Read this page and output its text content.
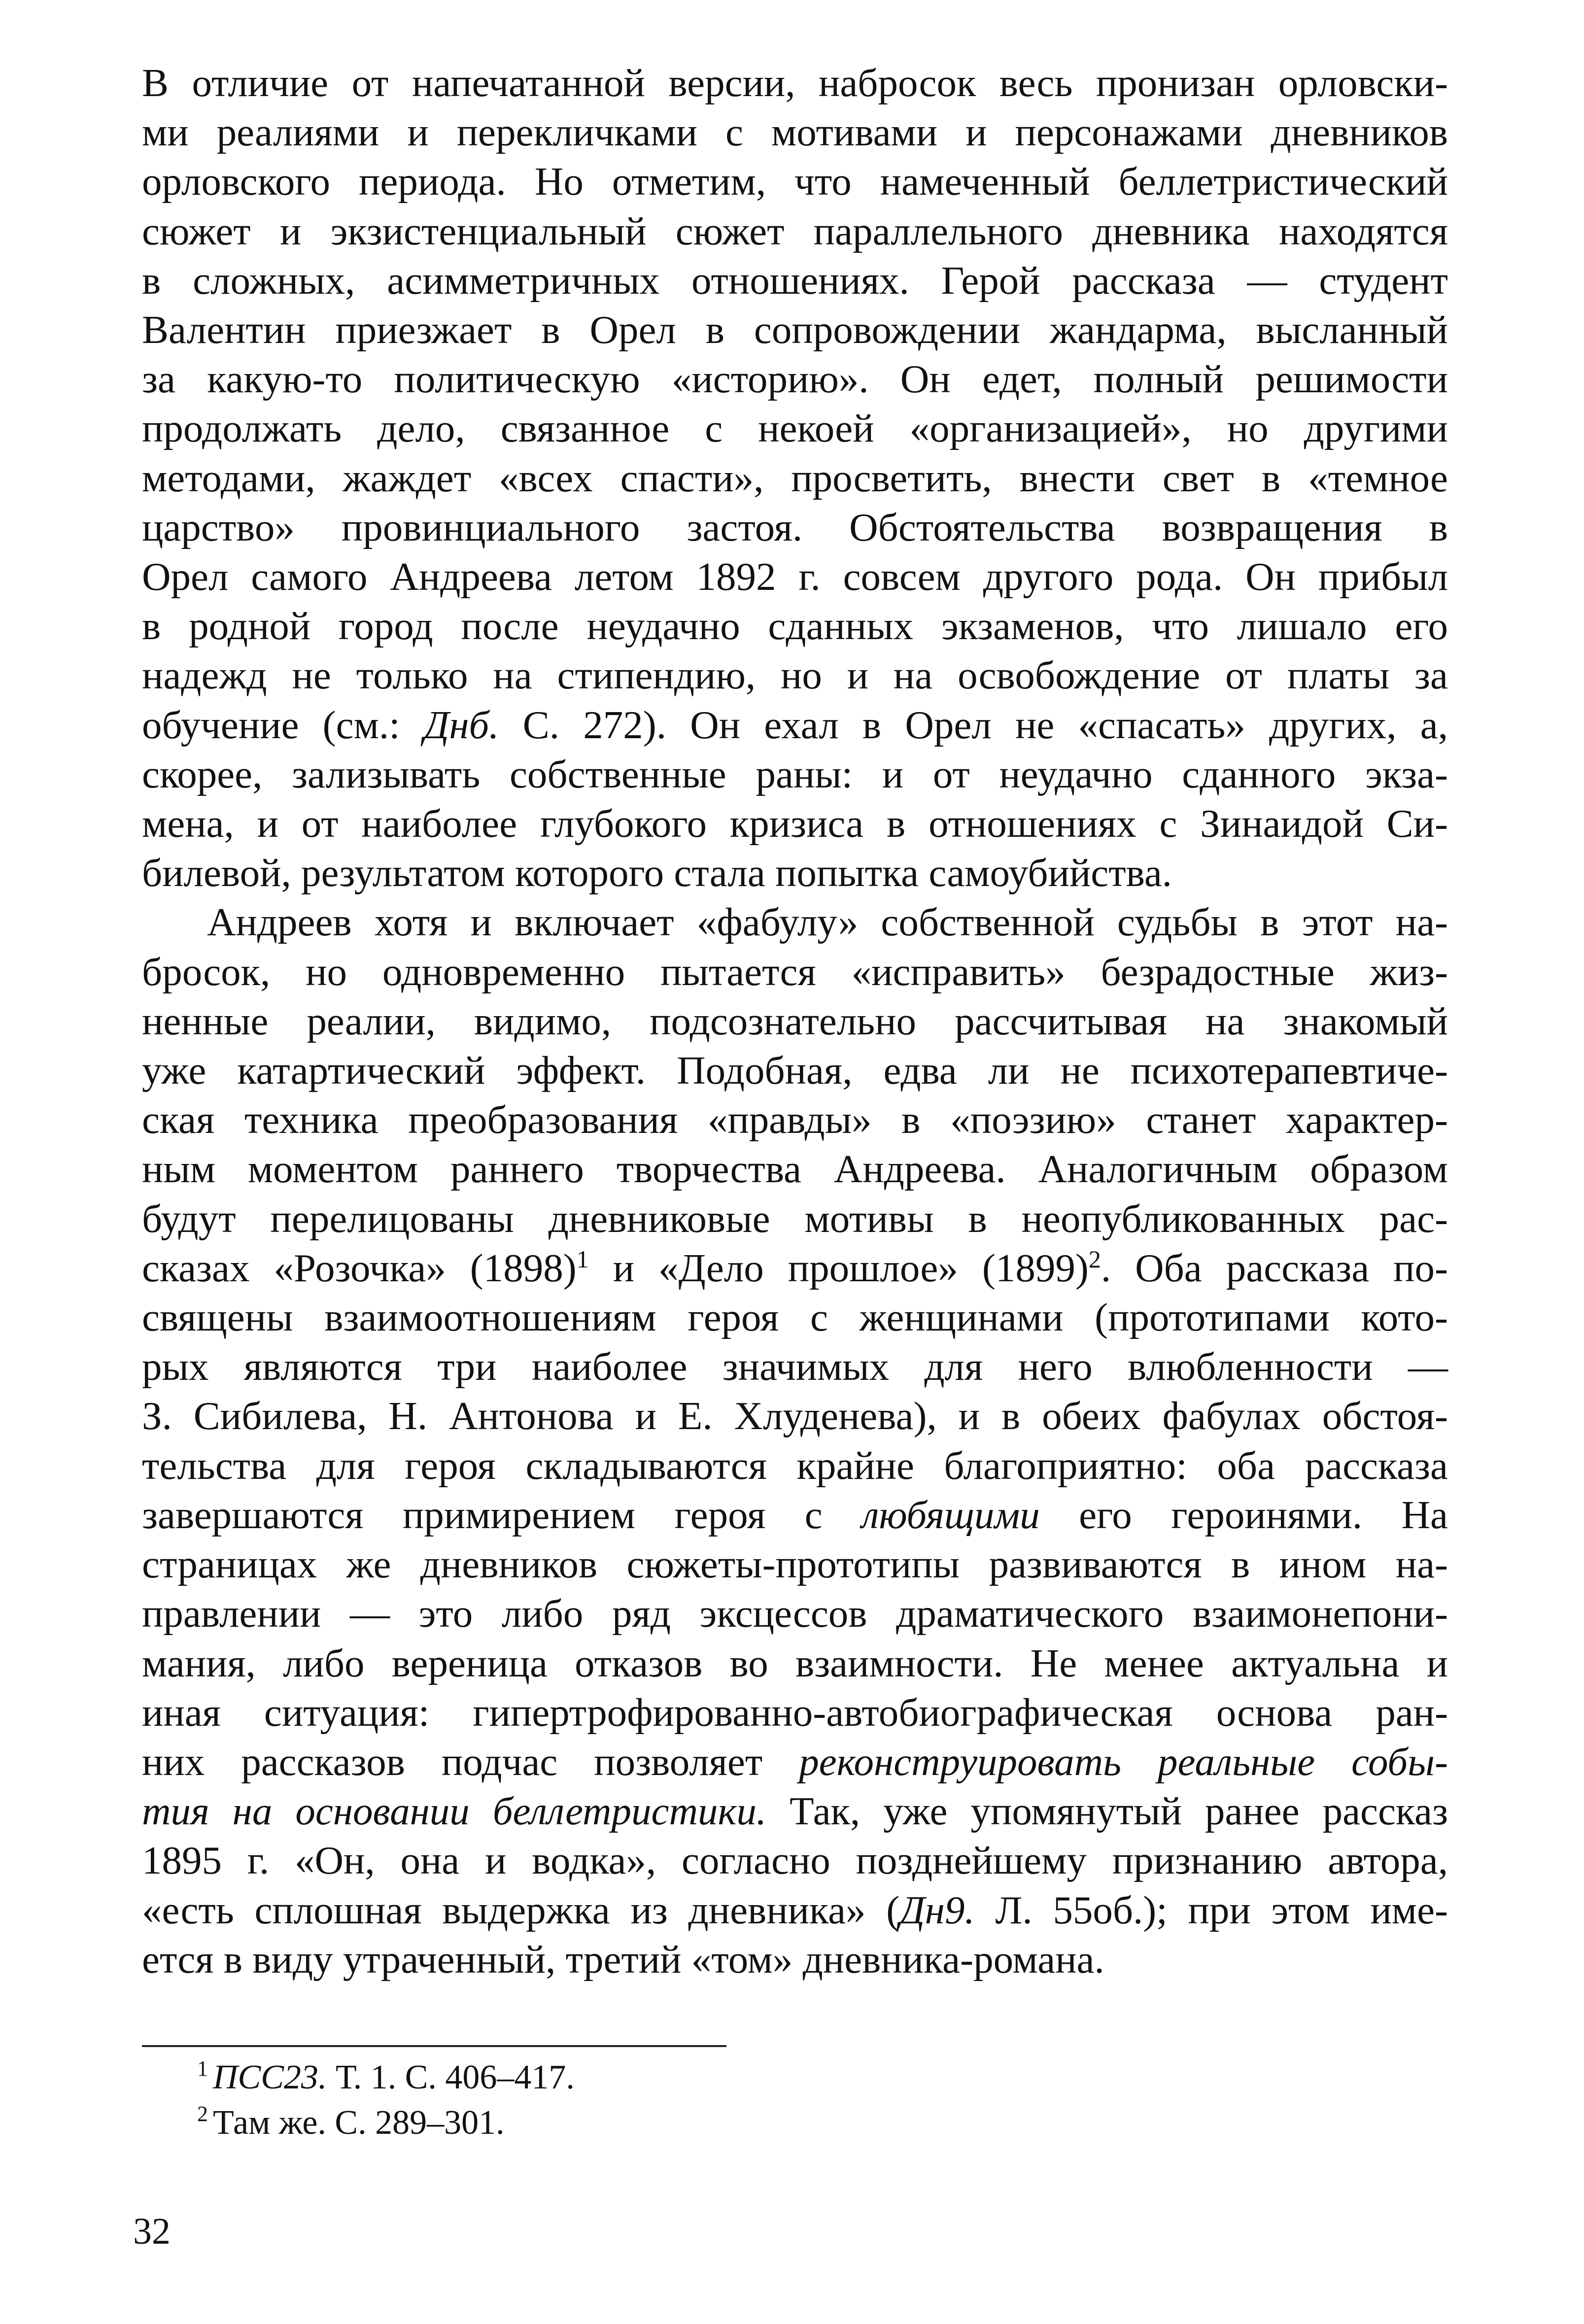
В отличие от напечатанной версии, набросок весь пронизан орловски-
ми реалиями и перекличками с мотивами и персонажами дневников
орловского периода. Но отметим, что намеченный беллетристический
сюжет и экзистенциальный сюжет параллельного дневника находятся
в сложных, асимметричных отношениях. Герой рассказа — студент
Валентин приезжает в Орел в сопровождении жандарма, высланный
за какую-то политическую «историю». Он едет, полный решимости
продолжать дело, связанное с некоей «организацией», но другими
методами, жаждет «всех спасти», просветить, внести свет в «темное
царство» провинциального застоя. Обстоятельства возвращения в
Орел самого Андреева летом 1892 г. совсем другого рода. Он прибыл
в родной город после неудачно сданных экзаменов, что лишало его
надежд не только на стипендию, но и на освобождение от платы за
обучение (см.: Днб. С. 272). Он ехал в Орел не «спасать» других, а,
скорее, зализывать собственные раны: и от неудачно сданного экза-
мена, и от наиболее глубокого кризиса в отношениях с Зинаидой Си-
билевой, результатом которого стала попытка самоубийства.

Андреев хотя и включает «фабулу» собственной судьбы в этот на-
бросок, но одновременно пытается «исправить» безрадостные жиз-
ненные реалии, видимо, подсознательно рассчитывая на знакомый
уже катартический эффект. Подобная, едва ли не психотерапевтиче-
ская техника преобразования «правды» в «поэзию» станет характер-
ным моментом раннего творчества Андреева. Аналогичным образом
будут перелицованы дневниковые мотивы в неопубликованных рас-
сказах «Розочка» $(1898)^1$ и «Дело прошлое» $(1899)^2$. Оба рассказа по-
священы взаимоотношениям героя с женщинами (прототипами кото-
рых являются три наиболее значимых для него влюбленности —
З. Сибилева, Н. Антонова и Е. Хлуденева), и в обеих фабулах обстоя-
тельства для героя складываются крайне благоприятно: оба рассказа
завершаются примирением героя с любящими его героинями. На
страницах же дневников сюжеты-прототипы развиваются в ином на-
правлении — это либо ряд эксцессов драматического взаимонепони-
мания, либо вереница отказов во взаимности. Не менее актуальна и
иная ситуация: гипертрофированно-автобиографическая основа ран-
них рассказов подчас позволяет реконструировать реальные собы-
тия на основании беллетристики. Так, уже упомянутый ранее рассказ
1895 г. «Он, она и водка», согласно позднейшему признанию автора,
«есть сплошная выдержка из дневника» (Дн9. Л. 55об.); при этом име-
ется в виду утраченный, третий «том» дневника-романа.

$^1$ ПСС23. Т. 1. С. 406–417.
$^2$ Там же. С. 289–301.
32
